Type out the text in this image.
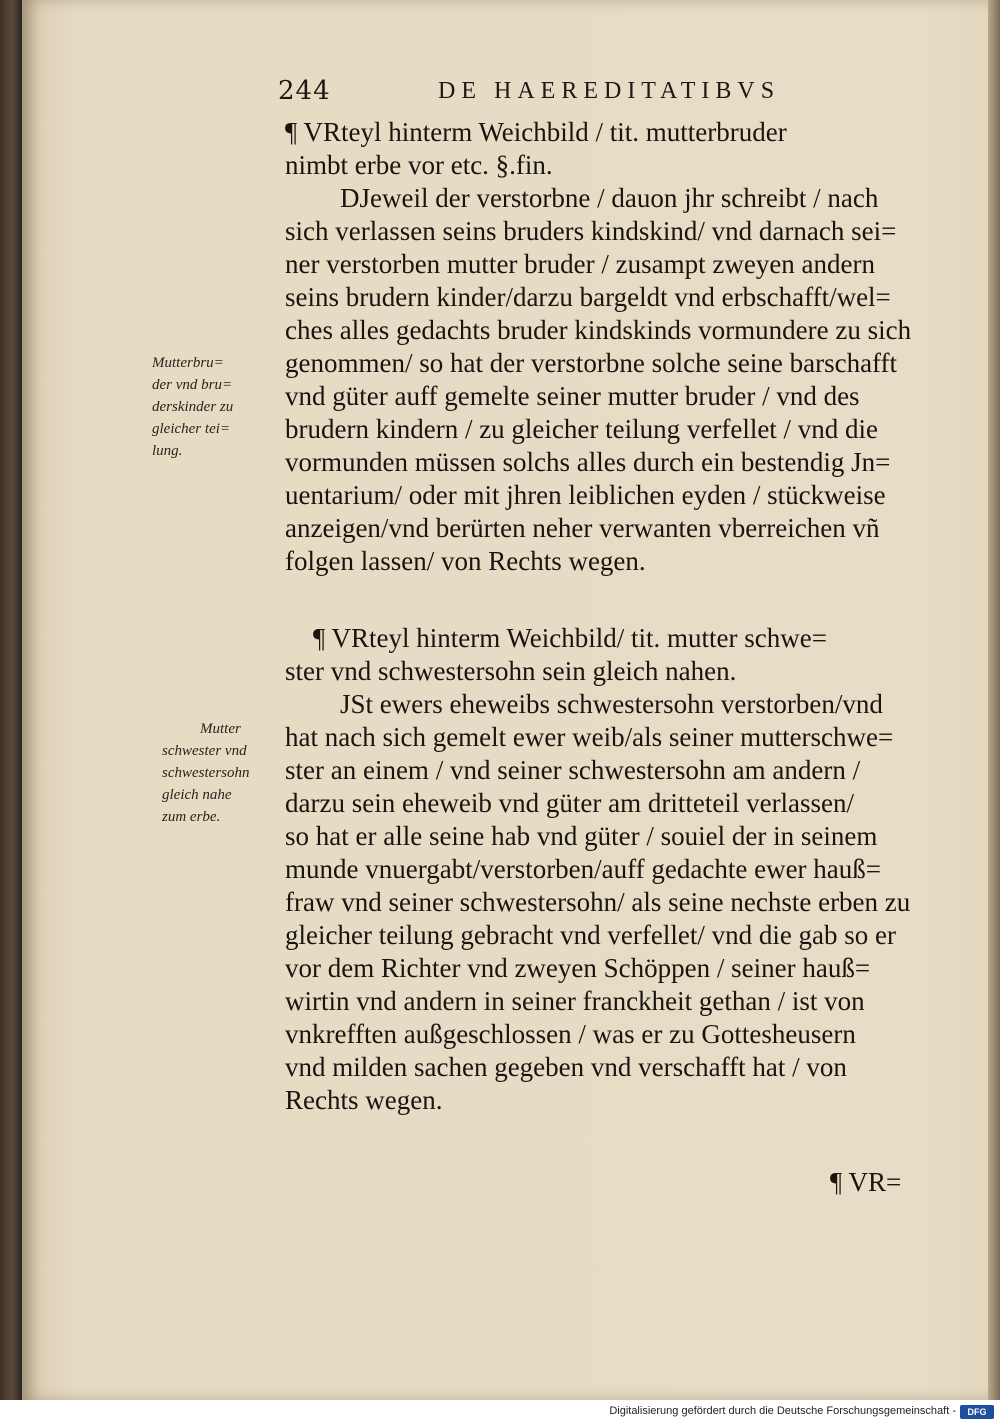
244	DE HAEREDITATIBVS
¶ VRteyl hinterm Weichbild / tit. mutterbruder
nimbt erbe vor etc. §.fin.
DJeweil der verstorbne / dauon jhr schreibt / nach
sich verlassen seins bruders kindskind/ vnd darnach sei=
ner verstorben mutter bruder / zusampt zweyen andern
seins brudern kinder/darzu bargeldt vnd erbschafft/wel=
ches alles gedachts bruder kindskinds vormundere zu sich
genommen/ so hat der verstorbne solche seine barschafft
vnd güter auff gemelte seiner mutter bruder / vnd des
brudern kindern / zu gleicher teilung verfellet / vnd die
vormunden müssen solchs alles durch ein bestendig Jn=
uentarium/ oder mit jhren leiblichen eyden / stückweise
anzeigen/vnd berürten neher verwanten vberreichen vñ
folgen lassen/ von Rechts wegen.
Mutterbru=
der vnd bru=
derskinder zu
gleicher tei=
lung.
¶ VRteyl hinterm Weichbild/ tit. mutter schwe=
ster vnd schwestersohn sein gleich nahen.
JSt ewers eheweibs schwestersohn verstorben/vnd
hat nach sich gemelt ewer weib/als seiner mutterschwe=
ster an einem / vnd seiner schwestersohn am andern /
darzu sein eheweib vnd güter am dritteteil verlassen/
so hat er alle seine hab vnd güter / souiel der in seinem
munde vnuergabt/verstorben/auff gedachte ewer hauß=
fraw vnd seiner schwestersohn/ als seine nechste erben zu
gleicher teilung gebracht vnd verfellet/ vnd die gab so er
vor dem Richter vnd zweyen Schöppen / seiner hauß=
wirtin vnd andern in seiner franckheit gethan / ist von
vnkrefften außgeschlossen / was er zu Gottesheusern
vnd milden sachen gegeben vnd verschafft hat / von
Rechts wegen.
Mutter
schwester vnd
schwestersohn
gleich nahe
zum erbe.
¶ VR=
Digitalisierung gefördert durch die Deutsche Forschungsgemeinschaft -	DFG
